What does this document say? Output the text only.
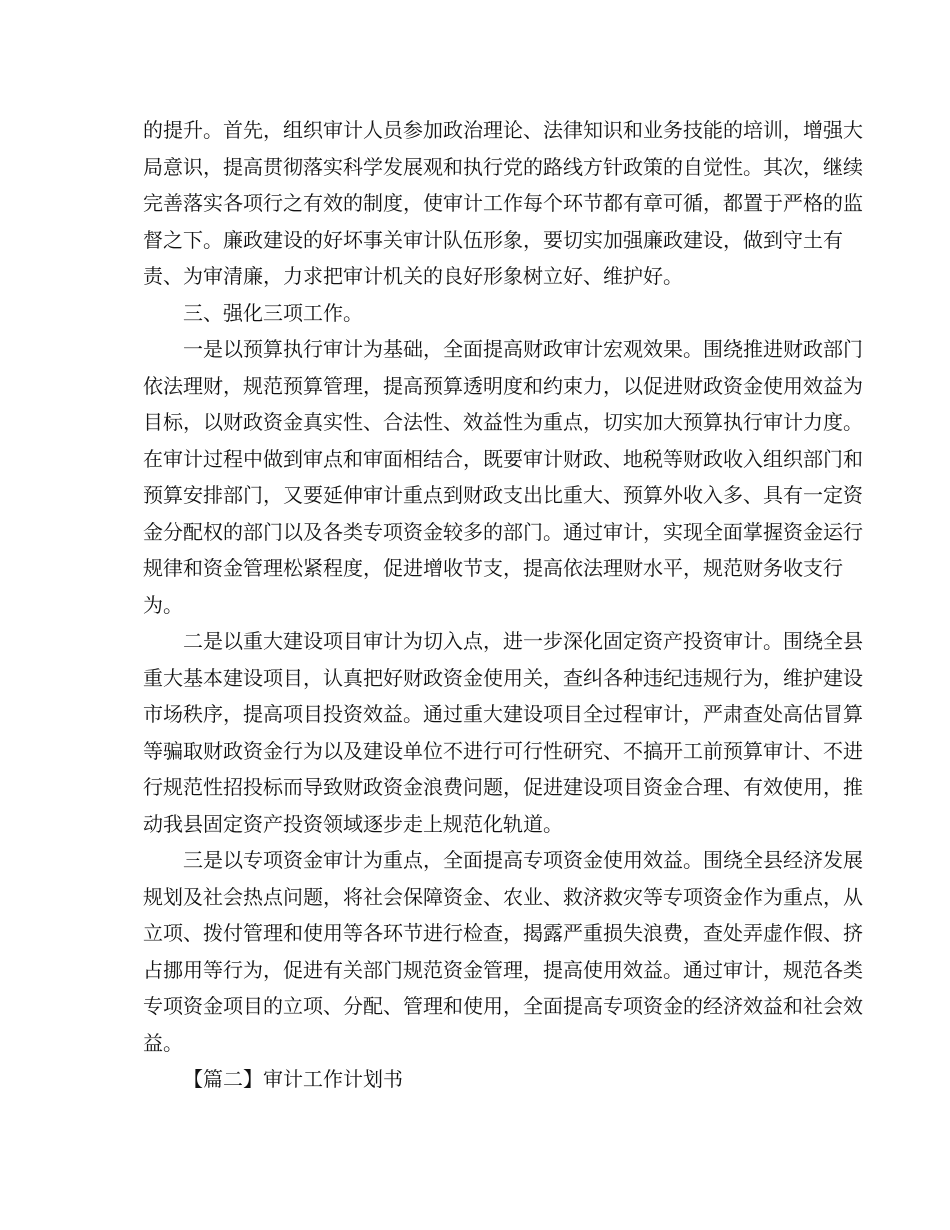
的提升。首先，组织审计人员参加政治理论、法律知识和业务技能的培训，增强大
局意识，提高贯彻落实科学发展观和执行党的路线方针政策的自觉性。其次，继续
完善落实各项行之有效的制度，使审计工作每个环节都有章可循，都置于严格的监
督之下。廉政建设的好坏事关审计队伍形象，要切实加强廉政建设，做到守土有
责、为审清廉，力求把审计机关的良好形象树立好、维护好。

三、强化三项工作。

一是以预算执行审计为基础，全面提高财政审计宏观效果。围绕推进财政部门
依法理财，规范预算管理，提高预算透明度和约束力，以促进财政资金使用效益为
目标，以财政资金真实性、合法性、效益性为重点，切实加大预算执行审计力度。
在审计过程中做到审点和审面相结合，既要审计财政、地税等财政收入组织部门和
预算安排部门，又要延伸审计重点到财政支出比重大、预算外收入多、具有一定资
金分配权的部门以及各类专项资金较多的部门。通过审计，实现全面掌握资金运行
规律和资金管理松紧程度，促进增收节支，提高依法理财水平，规范财务收支行
为。

二是以重大建设项目审计为切入点，进一步深化固定资产投资审计。围绕全县
重大基本建设项目，认真把好财政资金使用关，查纠各种违纪违规行为，维护建设
市场秩序，提高项目投资效益。通过重大建设项目全过程审计，严肃查处高估冒算
等骗取财政资金行为以及建设单位不进行可行性研究、不搞开工前预算审计、不进
行规范性招投标而导致财政资金浪费问题，促进建设项目资金合理、有效使用，推
动我县固定资产投资领域逐步走上规范化轨道。

三是以专项资金审计为重点，全面提高专项资金使用效益。围绕全县经济发展
规划及社会热点问题，将社会保障资金、农业、救济救灾等专项资金作为重点，从
立项、拨付管理和使用等各环节进行检查，揭露严重损失浪费，查处弄虚作假、挤
占挪用等行为，促进有关部门规范资金管理，提高使用效益。通过审计，规范各类
专项资金项目的立项、分配、管理和使用，全面提高专项资金的经济效益和社会效
益。

【篇二】审计工作计划书
